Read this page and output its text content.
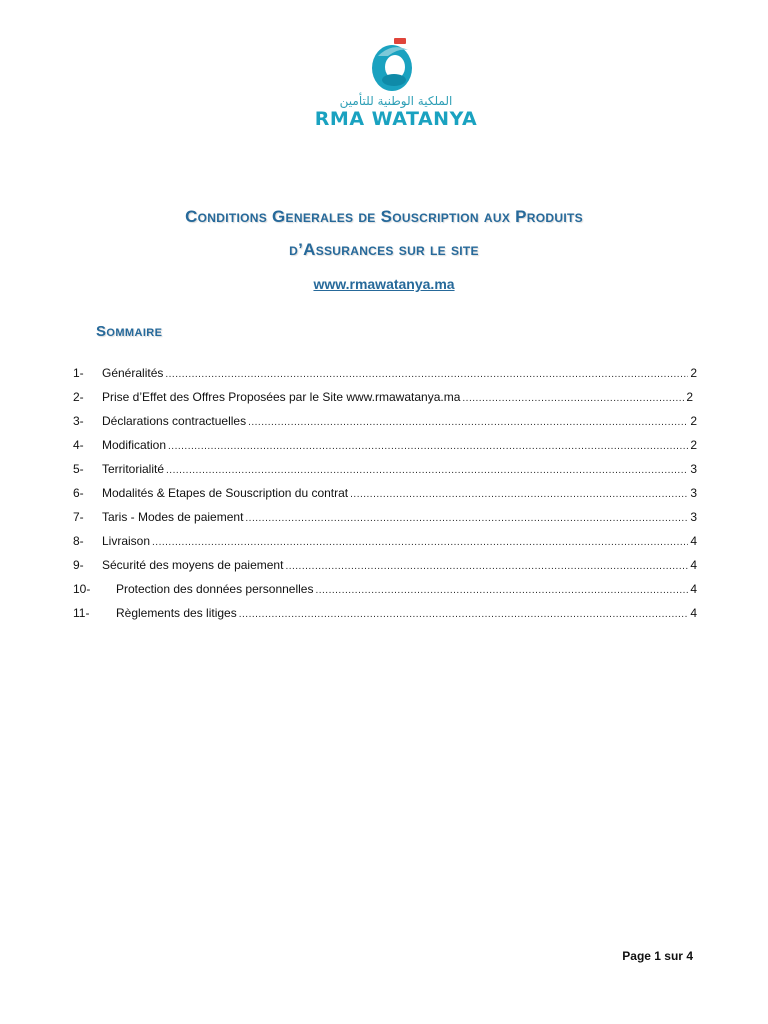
الملكية الوطنية للتأمين
RMA WATANYA
Conditions Generales de Souscription aux Produits
d’Assurances sur le site
www.rmawatanya.ma
Sommaire
1- Généralités .....	2
2- Prise d’Effet des Offres Proposées par le Site www.rmawatanya.ma .....	2
3- Déclarations contractuelles .....	2
4- Modification .....	2
5- Territorialité .....	3
6- Modalités & Etapes de Souscription du contrat .....	3
7- Taris - Modes de paiement .....	3
8- Livraison .....	4
9- Sécurité des moyens de paiement .....	4
10- Protection des données personnelles .....	4
11- Règlements des litiges .....	4
Page 1 sur 4
